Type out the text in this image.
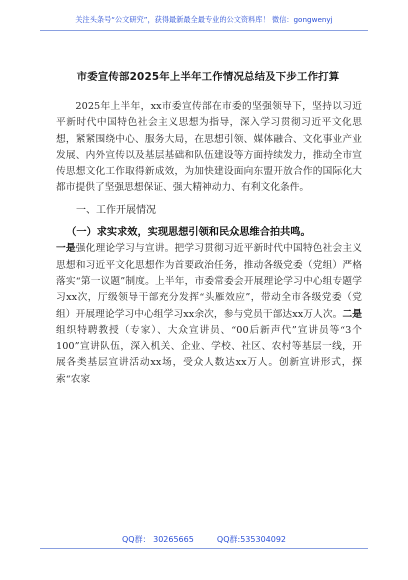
关注头条号“公文研究”，获得最新最全最专业的公文资料库！ 微信：gongwenyj
市委宣传部2025年上半年工作情况总结及下步工作打算

2025年上半年，xx市委宣传部在市委的坚强领导下，坚持以习近平新时代中国特色社会主义思想为指导，深入学习贯彻习近平文化思想，紧紧围绕中心、服务大局，在思想引领、媒体融合、文化事业产业发展、内外宣传以及基层基础和队伍建设等方面持续发力，推动全市宣传思想文化工作取得新成效，为加快建设面向东盟开放合作的国际化大都市提供了坚强思想保证、强大精神动力、有利文化条件。

一、工作开展情况

（一）求实求效，实现思想引领和民众思维合拍共鸣。

一是强化理论学习与宣讲。把学习贯彻习近平新时代中国特色社会主义思想和习近平文化思想作为首要政治任务，推动各级党委（党组）严格落实“第一议题”制度。上半年，市委常委会开展理论学习中心组专题学习xx次，厅级领导干部充分发挥“头雁效应”，带动全市各级党委（党组）开展理论学习中心组学习xx余次，参与党员干部达xx万人次。二是组织特聘教授（专家）、大众宣讲员、“00后新声代”宣讲员等“3个100”宣讲队伍，深入机关、企业、学校、社区、农村等基层一线，开展各类基层宣讲活动xx场，受众人数达xx万人。创新宣讲形式，探索“农家

QQ群： 30265665	QQ群:535304092
